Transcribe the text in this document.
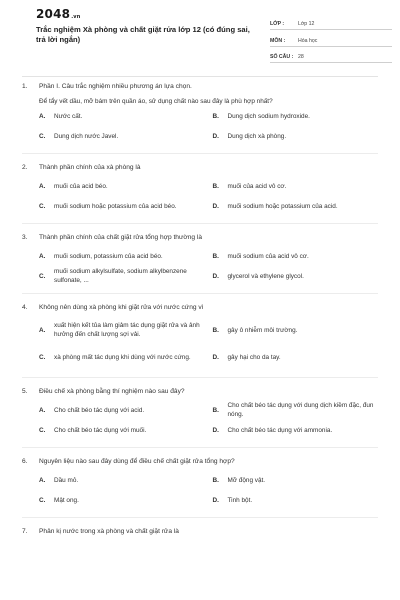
2048.vn
Trắc nghiệm Xà phòng và chất giặt rửa lớp 12 (có đúng sai, trả lời ngắn)
LỚP :	Lớp 12
MÔN : Hóa học
SỐ CÂU : 28
1.	Phần I. Câu trắc nghiệm nhiều phương án lựa chọn.
Để tẩy vết dầu, mỡ bám trên quần áo, sử dụng chất nào sau đây là phù hợp nhất?
A.	Nước cất.	B.	Dung dịch sodium hydroxide.
C.	Dung dịch nước Javel.	D.	Dung dịch xà phòng.
2.	Thành phần chính của xà phòng là
A.	muối của acid béo.	B.	muối của acid vô cơ.
C.	muối sodium hoặc potassium của acid béo.	D.	muối sodium hoặc potassium của acid.
3.	Thành phần chính của chất giặt rửa tổng hợp thường là
A.	muối sodium, potassium của acid béo.	B.	muối sodium của acid vô cơ.
C.
muối sodium alkylsulfate, sodium alkylbenzene sulfonate, ...
D.	glycerol và ethylene glycol.
4.	Không nên dùng xà phòng khi giặt rửa với nước cứng vì
A.
xuất hiện kết tủa làm giảm tác dụng giặt rửa và ảnh hưởng đến chất lượng sợi vải.
B.	gây ô nhiễm môi trường.
C.	xà phòng mất tác dụng khi dùng với nước cứng.	D.	gây hại cho da tay.
5.	Điều chế xà phòng bằng thí nghiệm nào sau đây?
A.	Cho chất béo tác dụng với acid.	B.
Cho chất béo tác dụng với dung dịch kiềm đặc, đun nóng.
C.	Cho chất béo tác dụng với muối.	D.	Cho chất béo tác dụng với ammonia.
6.	Nguyên liệu nào sau đây dùng để điều chế chất giặt rửa tổng hợp?
A.	Dầu mỏ.	B.	Mỡ động vật.
C.	Mật ong.	D.	Tinh bột.
7.	Phân kị nước trong xà phòng và chất giặt rửa là
